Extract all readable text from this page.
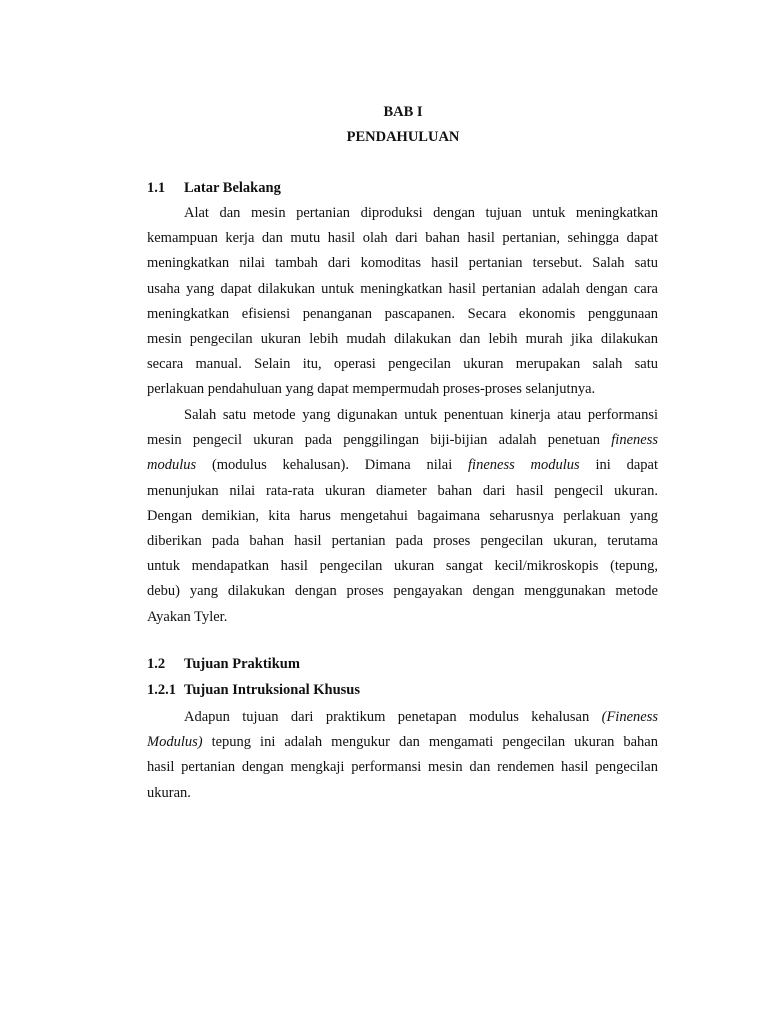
BAB I
PENDAHULUAN
1.1 Latar Belakang
Alat dan mesin pertanian diproduksi dengan tujuan untuk meningkatkan
kemampuan kerja dan mutu hasil olah dari bahan hasil pertanian, sehingga dapat
meningkatkan nilai tambah dari komoditas hasil pertanian tersebut. Salah satu
usaha yang dapat dilakukan untuk meningkatkan hasil pertanian adalah dengan cara
meningkatkan efisiensi penanganan pascapanen. Secara ekonomis penggunaan
mesin pengecilan ukuran lebih mudah dilakukan dan lebih murah jika dilakukan
secara manual. Selain itu, operasi pengecilan ukuran merupakan salah satu
perlakuan pendahuluan yang dapat mempermudah proses-proses selanjutnya.
Salah satu metode yang digunakan untuk penentuan kinerja atau performansi
mesin pengecil ukuran pada penggilingan biji-bijian adalah penetuan fineness
modulus (modulus kehalusan). Dimana nilai fineness modulus ini dapat
menunjukan nilai rata-rata ukuran diameter bahan dari hasil pengecil ukuran.
Dengan demikian, kita harus mengetahui bagaimana seharusnya perlakuan yang
diberikan pada bahan hasil pertanian pada proses pengecilan ukuran, terutama
untuk mendapatkan hasil pengecilan ukuran sangat kecil/mikroskopis (tepung,
debu) yang dilakukan dengan proses pengayakan dengan menggunakan metode
Ayakan Tyler.
1.2 Tujuan Praktikum
1.2.1 Tujuan Intruksional Khusus
Adapun tujuan dari praktikum penetapan modulus kehalusan (Fineness
Modulus) tepung ini adalah mengukur dan mengamati pengecilan ukuran bahan
hasil pertanian dengan mengkaji performansi mesin dan rendemen hasil pengecilan
ukuran.
